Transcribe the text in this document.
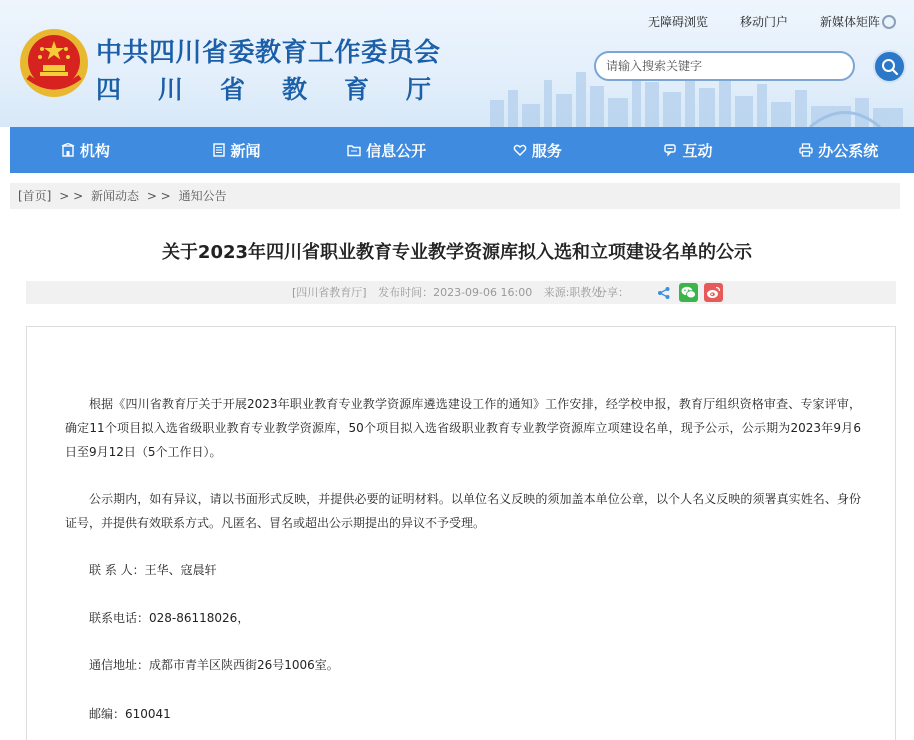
中共四川省委教育工作委员会
四川省教育厅
无障碍浏览	移动门户	新媒体矩阵
请输入搜索关键字
机构	新闻	信息公开	服务	互动	办公系统
[首页] > > 新闻动态 > > 通知公告
关于2023年四川省职业教育专业教学资源库拟入选和立项建设名单的公示
[四川省教育厅] 发布时间：2023-09-06 16:00 来源:职教处
分享：

根据《四川省教育厅关于开展2023年职业教育专业教学资源库遴选建设工作的通知》工作安排，经学校申报，教育厅组织资格审查、专家评审，确定11个项目拟入选省级职业教育专业教学资源库，50个项目拟入选省级职业教育专业教学资源库立项建设名单，现予公示，公示期为2023年9月6日至9月12日（5个工作日）。

公示期内，如有异议，请以书面形式反映，并提供必要的证明材料。以单位名义反映的须加盖本单位公章，以个人名义反映的须署真实姓名、身份证号，并提供有效联系方式。凡匿名、冒名或超出公示期提出的异议不予受理。

联 系 人：王华、寇晨轩

联系电话：028-86118026，

通信地址：成都市青羊区陕西街26号1006室。

邮编：610041
